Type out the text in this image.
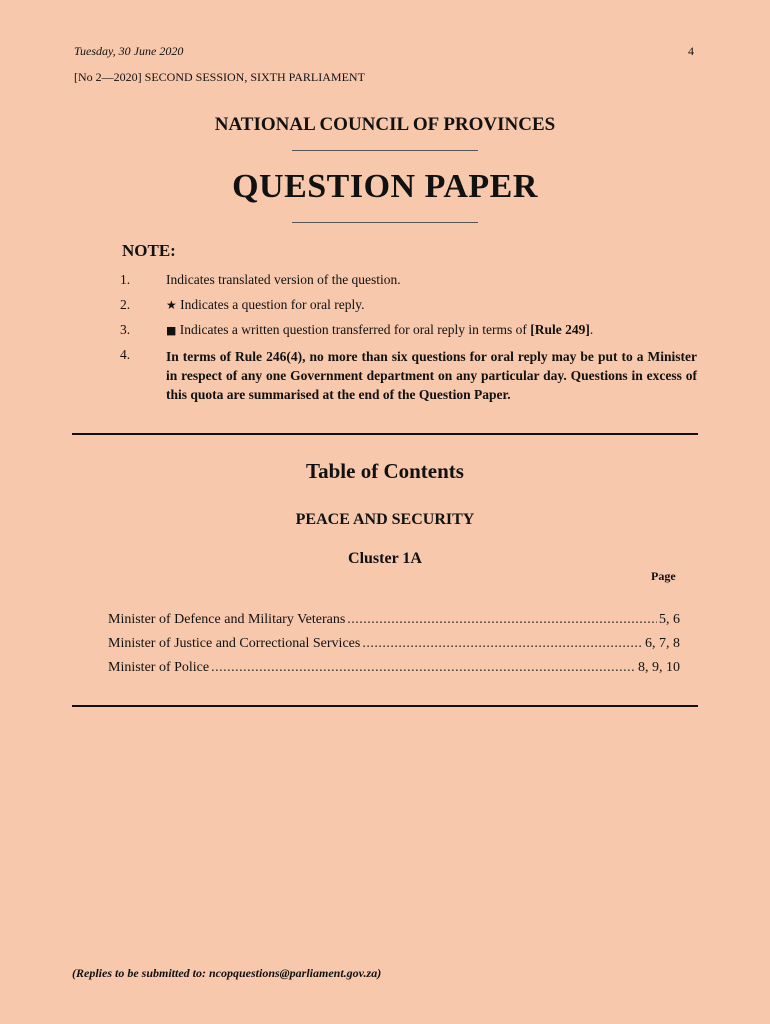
Tuesday, 30 June 2020	4
[No 2—2020] SECOND SESSION, SIXTH PARLIAMENT
NATIONAL COUNCIL OF PROVINCES
QUESTION PAPER
NOTE:
1.	Indicates translated version of the question.
2.	★ Indicates a question for oral reply.
3.	■ Indicates a written question transferred for oral reply in terms of [Rule 249].
4.	In terms of Rule 246(4), no more than six questions for oral reply may be put to a Minister in respect of any one Government department on any particular day. Questions in excess of this quota are summarised at the end of the Question Paper.
Table of Contents
PEACE AND SECURITY
Cluster 1A
Page
Minister of Defence and Military Veterans .....	5, 6
Minister of Justice and Correctional Services .....	6, 7, 8
Minister of Police .....	8, 9, 10
(Replies to be submitted to: ncopquestions@parliament.gov.za)
